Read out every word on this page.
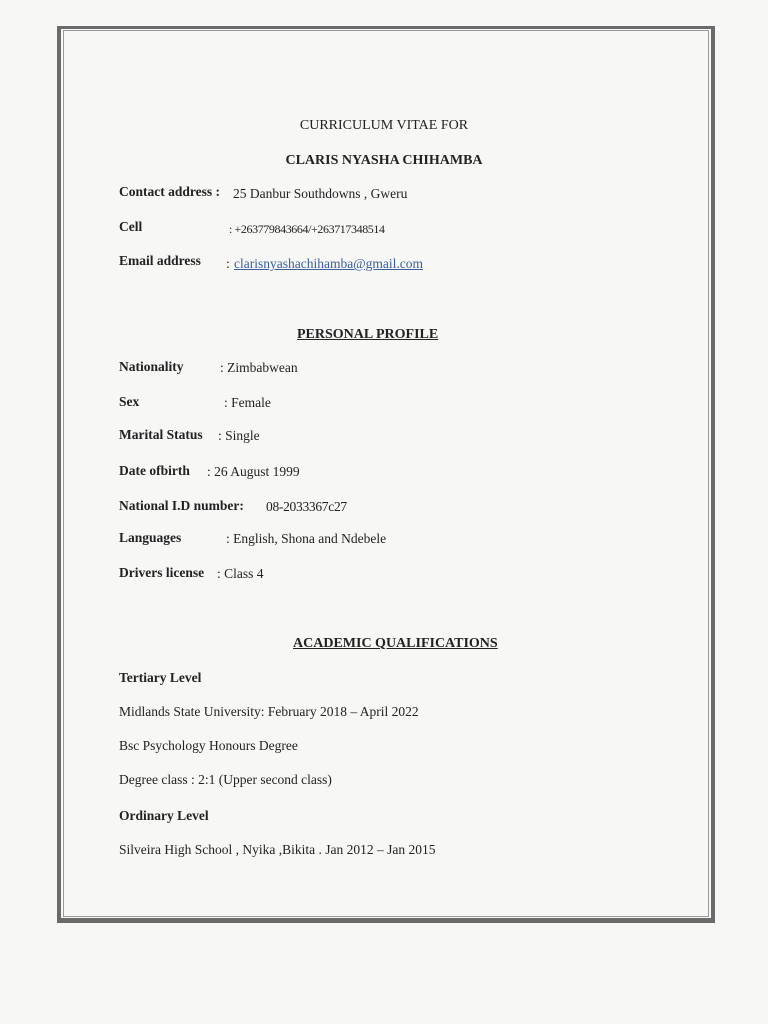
CURRICULUM VITAE FOR
CLARIS NYASHA CHIHAMBA
Contact address : 25 Danbur Southdowns , Gweru
Cell	: +263779843664/+263717348514
Email address : clarisnyashachihamba@gmail.com
PERSONAL PROFILE
Nationality	: Zimbabwean
Sex	: Female
Marital Status : Single
Date ofbirth : 26 August 1999
National I.D number: 08-2033367c27
Languages	: English, Shona and Ndebele
Drivers license : Class 4
ACADEMIC QUALIFICATIONS
Tertiary Level
Midlands State University: February 2018 – April 2022
Bsc Psychology Honours Degree
Degree class : 2:1 (Upper second class)
Ordinary Level
Silveira High School , Nyika ,Bikita . Jan 2012 – Jan 2015
